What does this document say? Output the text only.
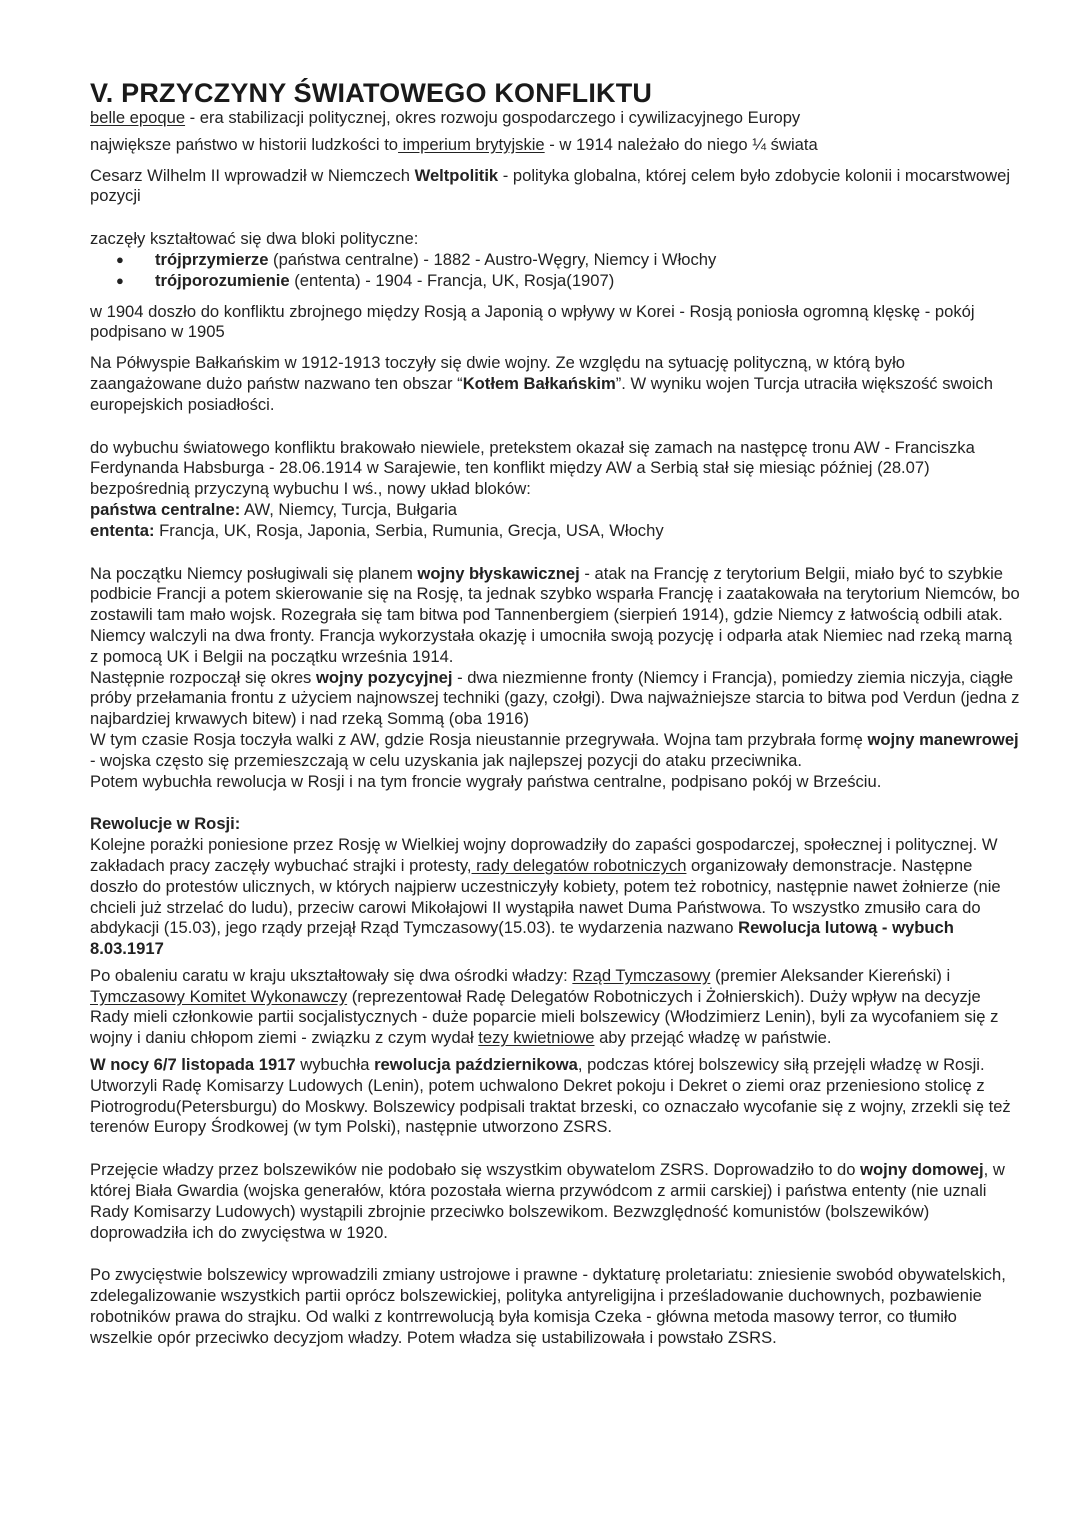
V. PRZYCZYNY ŚWIATOWEGO KONFLIKTU

belle epoque - era stabilizacji politycznej, okres rozwoju gospodarczego i cywilizacyjnego Europy

największe państwo w historii ludzkości to imperium brytyjskie - w 1914 należało do niego ¼ świata

Cesarz Wilhelm II wprowadził w Niemczech Weltpolitik - polityka globalna, której celem było zdobycie kolonii i mocarstwowej pozycji

zaczęły kształtować się dwa bloki polityczne:

● trójprzymierze (państwa centralne) - 1882 - Austro-Węgry, Niemcy i Włochy
● trójporozumienie (ententa) - 1904 - Francja, UK, Rosja(1907)

w 1904 doszło do konfliktu zbrojnego między Rosją a Japonią o wpływy w Korei - Rosją poniosła ogromną klęskę - pokój podpisano w 1905

Na Półwyspie Bałkańskim w 1912-1913 toczyły się dwie wojny. Ze względu na sytuację polityczną, w którą było zaangażowane dużo państw nazwano ten obszar “Kotłem Bałkańskim”. W wyniku wojen Turcja utraciła większość swoich europejskich posiadłości.

do wybuchu światowego konfliktu brakowało niewiele, pretekstem okazał się zamach na następcę tronu AW - Franciszka Ferdynanda Habsburga - 28.06.1914 w Sarajewie, ten konflikt między AW a Serbią stał się miesiąc później (28.07) bezpośrednią przyczyną wybuchu I wś., nowy układ bloków:

państwa centralne: AW, Niemcy, Turcja, Bułgaria

ententa: Francja, UK, Rosja, Japonia, Serbia, Rumunia, Grecja, USA, Włochy

Na początku Niemcy posługiwali się planem wojny błyskawicznej - atak na Francję z terytorium Belgii, miało być to szybkie podbicie Francji a potem skierowanie się na Rosję, ta jednak szybko wsparła Francję i zaatakowała na terytorium Niemców, bo zostawili tam mało wojsk. Rozegrała się tam bitwa pod Tannenbergiem (sierpień 1914), gdzie Niemcy z łatwością odbili atak. Niemcy walczyli na dwa fronty. Francja wykorzystała okazję i umocniła swoją pozycję i odparła atak Niemiec nad rzeką marną z pomocą UK i Belgii na początku września 1914.

Następnie rozpoczął się okres wojny pozycyjnej - dwa niezmienne fronty (Niemcy i Francja), pomiedzy ziemia niczyja, ciągłe próby przełamania frontu z użyciem najnowszej techniki (gazy, czołgi). Dwa najważniejsze starcia to bitwa pod Verdun (jedna z najbardziej krwawych bitew) i nad rzeką Sommą (oba 1916)

W tym czasie Rosja toczyła walki z AW, gdzie Rosja nieustannie przegrywała. Wojna tam przybrała formę wojny manewrowej - wojska często się przemieszczają w celu uzyskania jak najlepszej pozycji do ataku przeciwnika.

Potem wybuchła rewolucja w Rosji i na tym froncie wygrały państwa centralne, podpisano pokój w Brześciu.

Rewolucje w Rosji:

Kolejne porażki poniesione przez Rosję w Wielkiej wojny doprowadziły do zapaści gospodarczej, społecznej i politycznej. W zakładach pracy zaczęły wybuchać strajki i protesty, rady delegatów robotniczych organizowały demonstracje. Następne doszło do protestów ulicznych, w których najpierw uczestniczyły kobiety, potem też robotnicy, następnie nawet żołnierze (nie chcieli już strzelać do ludu), przeciw carowi Mikołajowi II wystąpiła nawet Duma Państwowa. To wszystko zmusiło cara do abdykacji (15.03), jego rządy przejął Rząd Tymczasowy(15.03). te wydarzenia nazwano Rewolucja lutową - wybuch 8.03.1917

Po obaleniu caratu w kraju ukształtowały się dwa ośrodki władzy: Rząd Tymczasowy (premier Aleksander Kiereński) i Tymczasowy Komitet Wykonawczy (reprezentował Radę Delegatów Robotniczych i Żołnierskich). Duży wpływ na decyzje Rady mieli członkowie partii socjalistycznych - duże poparcie mieli bolszewicy (Włodzimierz Lenin), byli za wycofaniem się z wojny i daniu chłopom ziemi - związku z czym wydał tezy kwietniowe aby przejąć władzę w państwie.

W nocy 6/7 listopada 1917 wybuchła rewolucja październikowa, podczas której bolszewicy siłą przejęli władzę w Rosji. Utworzyli Radę Komisarzy Ludowych (Lenin), potem uchwalono Dekret pokoju i Dekret o ziemi oraz przeniesiono stolicę z Piotrogrodu(Petersburgu) do Moskwy. Bolszewicy podpisali traktat brzeski, co oznaczało wycofanie się z wojny, zrzekli się też terenów Europy Środkowej (w tym Polski), następnie utworzono ZSRS.

Przejęcie władzy przez bolszewików nie podobało się wszystkim obywatelom ZSRS. Doprowadziło to do wojny domowej, w której Biała Gwardia (wojska generałów, która pozostała wierna przywódcom z armii carskiej) i państwa ententy (nie uznali Rady Komisarzy Ludowych) wystąpili zbrojnie przeciwko bolszewikom. Bezwzględność komunistów (bolszewików) doprowadziła ich do zwycięstwa w 1920.

Po zwycięstwie bolszewicy wprowadzili zmiany ustrojowe i prawne - dyktaturę proletariatu: zniesienie swobód obywatelskich, zdelegalizowanie wszystkich partii oprócz bolszewickiej, polityka antyreligijna i prześladowanie duchownych, pozbawienie robotników prawa do strajku. Od walki z kontrrewolucją była komisja Czeka - główna metoda masowy terror, co tłumiło wszelkie opór przeciwko decyzjom władzy. Potem władza się ustabilizowała i powstało ZSRS.
